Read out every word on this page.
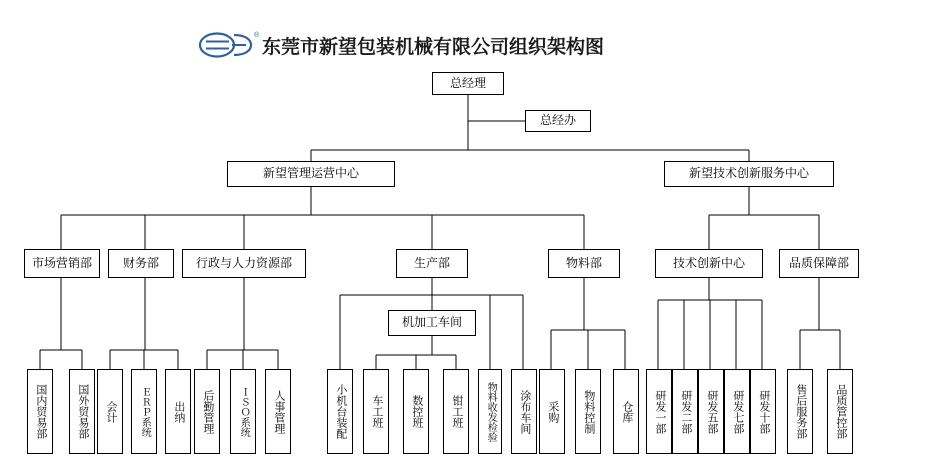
®
东莞市新望包装机械有限公司组织架构图
总经理
总经办
新望管理运营中心	新望技术创新服务中心
市场营销部	财务部	行政与人力资源部	生产部	物料部	技术创新中心	品质保障部
机加工车间
国内贸易部	国外贸易部	会计	ＥＲＰ系统	出纳	后勤管理	ＩＳＯ系统	人事管理	小机台装配	车工班	数控班	钳工班	物料收发检验	涂布车间	采购	物料控制	仓库	研发一部	研发二部	研发五部	研发七部	研发十部	售后服务部	品质管控部
